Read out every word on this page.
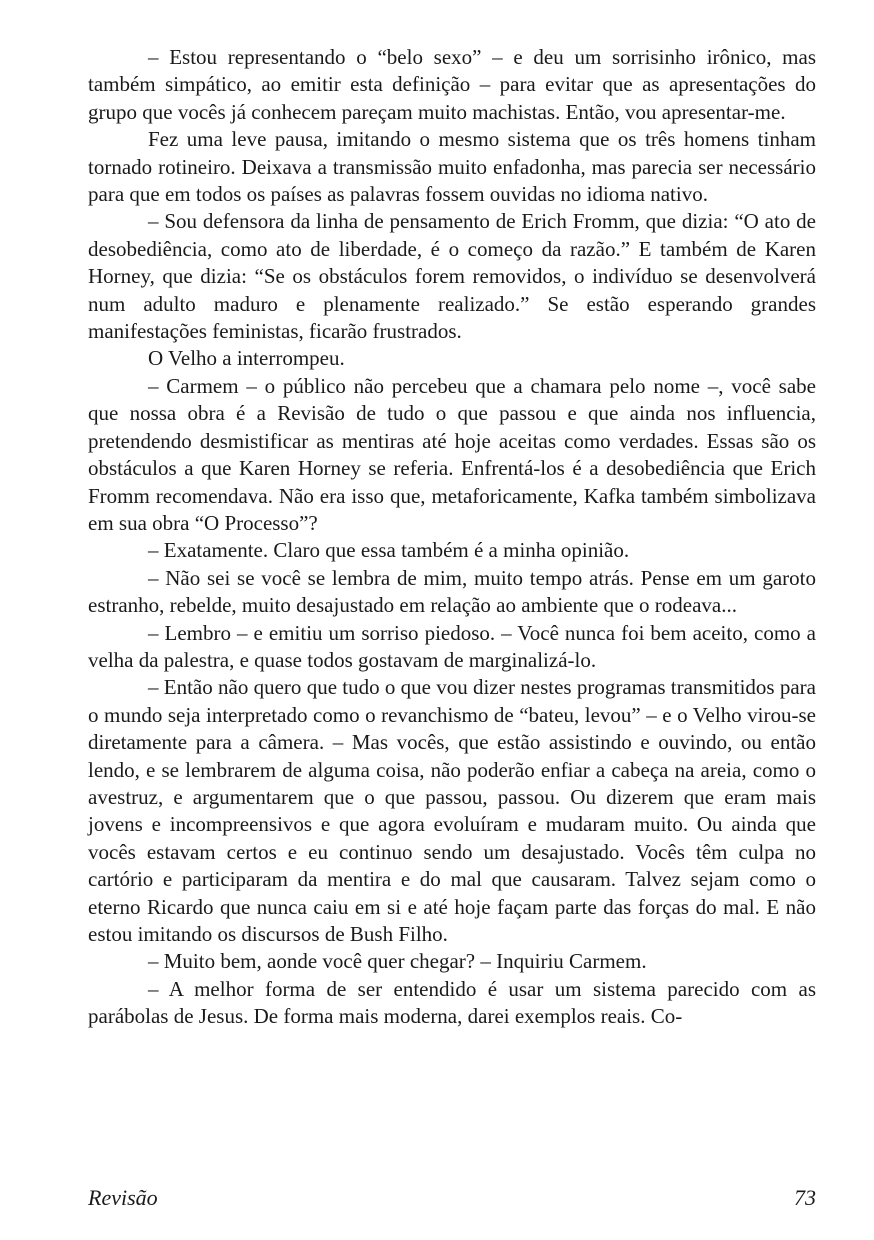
– Estou representando o “belo sexo” – e deu um sorrisinho irônico, mas também simpático, ao emitir esta definição – para evitar que as apresentações do grupo que vocês já conhecem pareçam muito machistas. Então, vou apresentar-me.

Fez uma leve pausa, imitando o mesmo sistema que os três homens tinham tornado rotineiro. Deixava a transmissão muito enfadonha, mas parecia ser necessário para que em todos os países as palavras fossem ouvidas no idioma nativo.

– Sou defensora da linha de pensamento de Erich Fromm, que dizia: “O ato de desobediência, como ato de liberdade, é o começo da razão.” E também de Karen Horney, que dizia: “Se os obstáculos forem removidos, o indivíduo se desenvolverá num adulto maduro e plenamente realizado.” Se estão esperando grandes manifestações feministas, ficarão frustrados.

O Velho a interrompeu.

– Carmem – o público não percebeu que a chamara pelo nome –, você sabe que nossa obra é a Revisão de tudo o que passou e que ainda nos influencia, pretendendo desmistificar as mentiras até hoje aceitas como verdades. Essas são os obstáculos a que Karen Horney se referia. Enfrentá-los é a desobediência que Erich Fromm recomendava. Não era isso que, metaforicamente, Kafka também simbolizava em sua obra “O Processo”?

– Exatamente. Claro que essa também é a minha opinião.

– Não sei se você se lembra de mim, muito tempo atrás. Pense em um garoto estranho, rebelde, muito desajustado em relação ao ambiente que o rodeava...

– Lembro – e emitiu um sorriso piedoso. – Você nunca foi bem aceito, como a velha da palestra, e quase todos gostavam de marginalizá-lo.

– Então não quero que tudo o que vou dizer nestes programas transmitidos para o mundo seja interpretado como o revanchismo de “bateu, levou” – e o Velho virou-se diretamente para a câmera. – Mas vocês, que estão assistindo e ouvindo, ou então lendo, e se lembrarem de alguma coisa, não poderão enfiar a cabeça na areia, como o avestruz, e argumentarem que o que passou, passou. Ou dizerem que eram mais jovens e incompreensivos e que agora evoluíram e mudaram muito. Ou ainda que vocês estavam certos e eu continuo sendo um desajustado. Vocês têm culpa no cartório e participaram da mentira e do mal que causaram. Talvez sejam como o eterno Ricardo que nunca caiu em si e até hoje façam parte das forças do mal. E não estou imitando os discursos de Bush Filho.

– Muito bem, aonde você quer chegar? – Inquiriu Carmem.

– A melhor forma de ser entendido é usar um sistema parecido com as parábolas de Jesus. De forma mais moderna, darei exemplos reais. Co-

Revisão	73
